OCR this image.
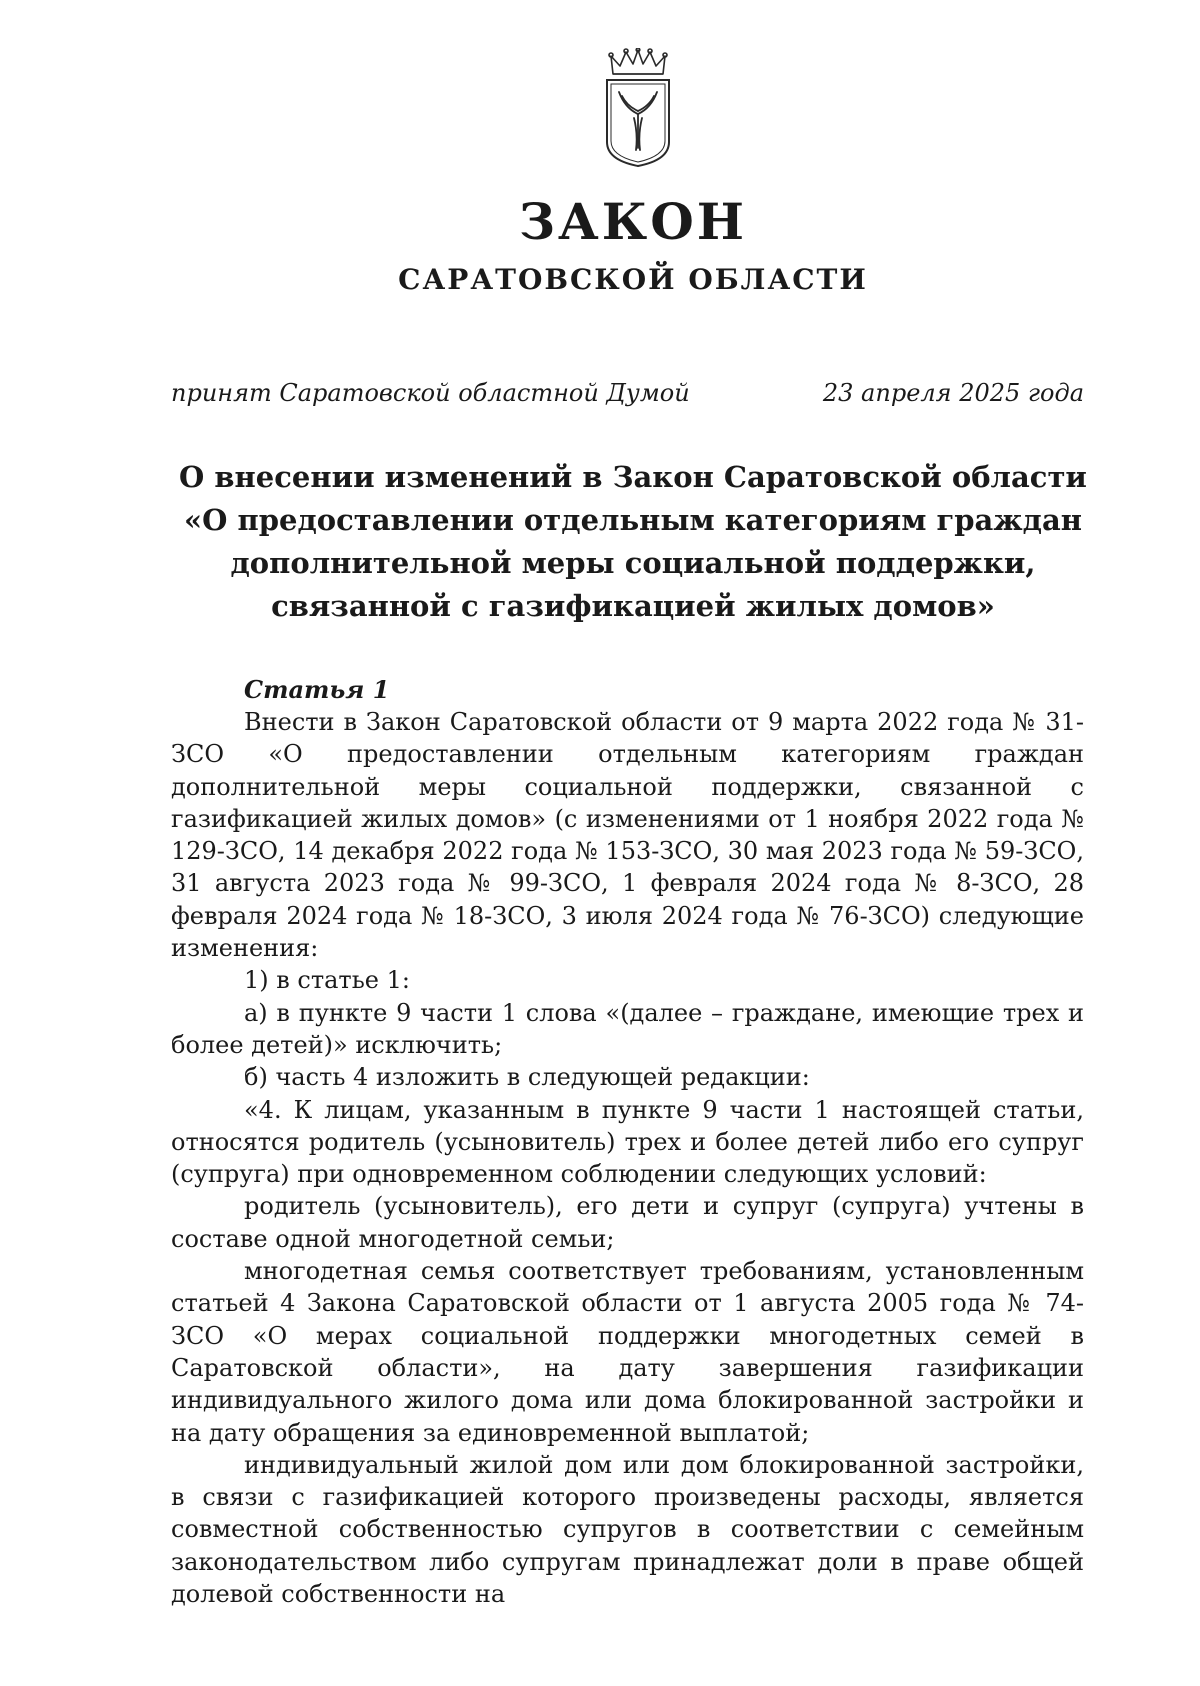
ЗАКОН
САРАТОВСКОЙ ОБЛАСТИ
принят Саратовской областной Думой	23 апреля 2025 года
О внесении изменений в Закон Саратовской области
«О предоставлении отдельным категориям граждан
дополнительной меры социальной поддержки,
связанной с газификацией жилых домов»
Статья 1

Внести в Закон Саратовской области от 9 марта 2022 года № 31-ЗСО «О предоставлении отдельным категориям граждан дополнительной меры социальной поддержки, связанной с газификацией жилых домов» (с изменениями от 1 ноября 2022 года № 129-ЗСО, 14 декабря 2022 года № 153-ЗСО, 30 мая 2023 года № 59-ЗСО, 31 августа 2023 года № 99-ЗСО, 1 февраля 2024 года № 8-ЗСО, 28 февраля 2024 года № 18-ЗСО, 3 июля 2024 года № 76-ЗСО) следующие изменения:

1) в статье 1:

а) в пункте 9 части 1 слова «(далее – граждане, имеющие трех и более детей)» исключить;

б) часть 4 изложить в следующей редакции:

«4. К лицам, указанным в пункте 9 части 1 настоящей статьи, относятся родитель (усыновитель) трех и более детей либо его супруг (супруга) при одновременном соблюдении следующих условий:

родитель (усыновитель), его дети и супруг (супруга) учтены в составе одной многодетной семьи;

многодетная семья соответствует требованиям, установленным статьей 4 Закона Саратовской области от 1 августа 2005 года № 74-ЗСО «О мерах социальной поддержки многодетных семей в Саратовской области», на дату завершения газификации индивидуального жилого дома или дома блокированной застройки и на дату обращения за единовременной выплатой;

индивидуальный жилой дом или дом блокированной застройки, в связи с газификацией которого произведены расходы, является совместной собственностью супругов в соответствии с семейным законодательством либо супругам принадлежат доли в праве общей долевой собственности на
